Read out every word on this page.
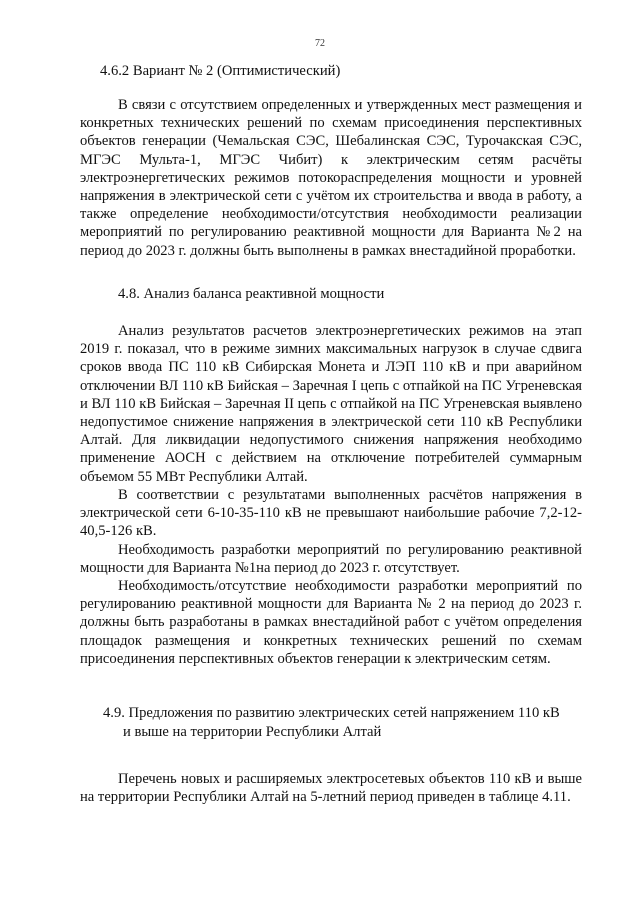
72
4.6.2 Вариант № 2 (Оптимистический)

В связи с отсутствием определенных и утвержденных мест размещения и конкретных технических решений по схемам присоединения перспективных объектов генерации (Чемальская СЭС, Шебалинская СЭС, Турочакская СЭС, МГЭС Мульта-1, МГЭС Чибит) к электрическим сетям расчёты электроэнергетических режимов потокораспределения мощности и уровней напряжения в электрической сети с учётом их строительства и ввода в работу, а также определение необходимости/отсутствия необходимости реализации мероприятий по регулированию реактивной мощности для Варианта №2 на период до 2023 г. должны быть выполнены в рамках внестадийной проработки.

4.8. Анализ баланса реактивной мощности

Анализ результатов расчетов электроэнергетических режимов на этап 2019 г. показал, что в режиме зимних максимальных нагрузок в случае сдвига сроков ввода ПС 110 кВ Сибирская Монета и ЛЭП 110 кВ и при аварийном отключении ВЛ 110 кВ Бийская – Заречная I цепь с отпайкой на ПС Угреневская и ВЛ 110 кВ Бийская – Заречная II цепь с отпайкой на ПС Угреневская выявлено недопустимое снижение напряжения в электрической сети 110 кВ Республики Алтай. Для ликвидации недопустимого снижения напряжения необходимо применение АОСН с действием на отключение потребителей суммарным объемом 55 МВт Республики Алтай.

В соответствии с результатами выполненных расчётов напряжения в электрической сети 6-10-35-110 кВ не превышают наибольшие рабочие 7,2-12-40,5-126 кВ.

Необходимость разработки мероприятий по регулированию реактивной мощности для Варианта №1на период до 2023 г. отсутствует.

Необходимость/отсутствие необходимости разработки мероприятий по регулированию реактивной мощности для Варианта № 2 на период до 2023 г. должны быть разработаны в рамках внестадийной работ с учётом определения площадок размещения и конкретных технических решений по схемам присоединения перспективных объектов генерации к электрическим сетям.

4.9. Предложения по развитию электрических сетей напряжением 110 кВ
и выше на территории Республики Алтай

Перечень новых и расширяемых электросетевых объектов 110 кВ и выше на территории Республики Алтай на 5-летний период приведен в таблице 4.11.
